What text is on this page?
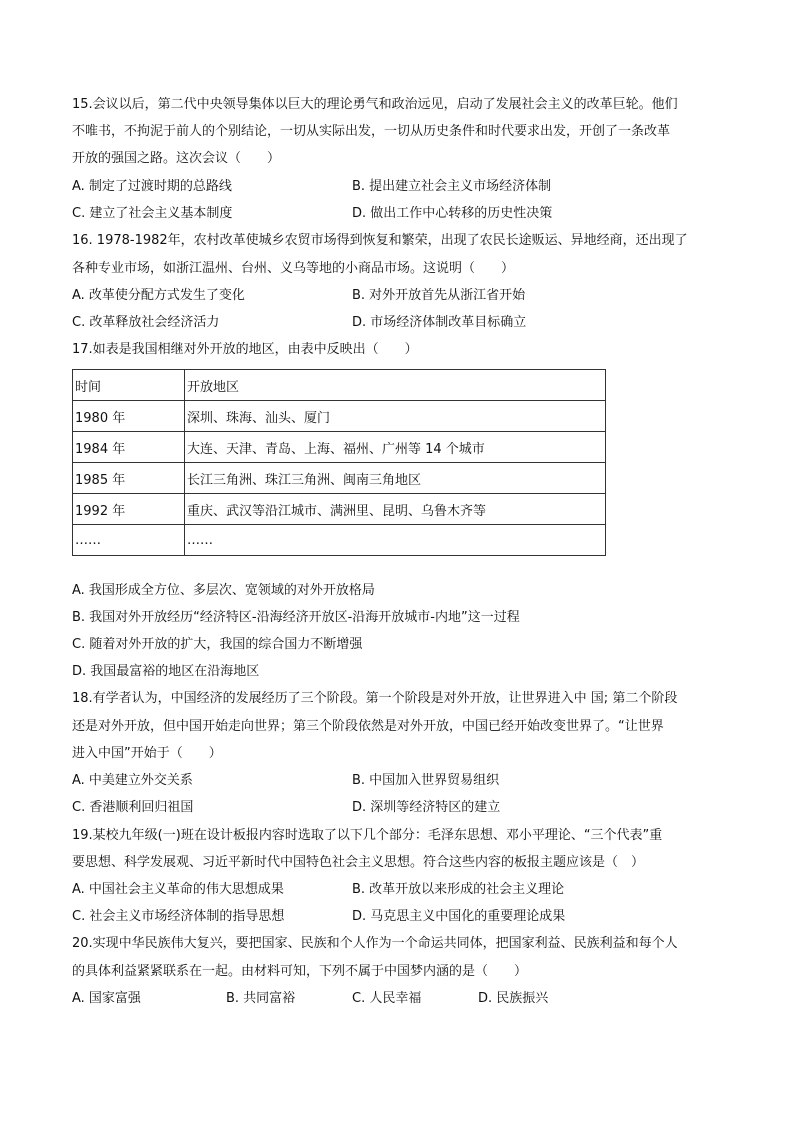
15.会议以后，第二代中央领导集体以巨大的理论勇气和政治远见，启动了发展社会主义的改革巨轮。他们
不唯书，不拘泥于前人的个别结论，一切从实际出发，一切从历史条件和时代要求出发，开创了一条改革
开放的强国之路。这次会议（　　）
A. 制定了过渡时期的总路线	B. 提出建立社会主义市场经济体制
C. 建立了社会主义基本制度	D. 做出工作中心转移的历史性决策
16. 1978-1982年，农村改革使城乡农贸市场得到恢复和繁荣，出现了农民长途贩运、异地经商，还出现了
各种专业市场，如浙江温州、台州、义乌等地的小商品市场。这说明（　　）
A. 改革使分配方式发生了变化	B. 对外开放首先从浙江省开始
C. 改革释放社会经济活力	D. 市场经济体制改革目标确立
17.如表是我国相继对外开放的地区，由表中反映出（　　）
时间	开放地区
1980 年	深圳、珠海、汕头、厦门
1984 年	大连、天津、青岛、上海、福州、广州等 14 个城市
1985 年	长江三角洲、珠江三角洲、闽南三角地区
1992 年	重庆、武汉等沿江城市、满洲里、昆明、乌鲁木齐等
……	……
A. 我国形成全方位、多层次、宽领域的对外开放格局
B. 我国对外开放经历“经济特区-沿海经济开放区-沿海开放城市-内地”这一过程
C. 随着对外开放的扩大，我国的综合国力不断增强
D. 我国最富裕的地区在沿海地区
18.有学者认为，中国经济的发展经历了三个阶段。第一个阶段是对外开放，让世界进入中 国; 第二个阶段
还是对外开放，但中国开始走向世界；第三个阶段依然是对外开放，中国已经开始改变世界了。“让世界
进入中国”开始于（　　）
A. 中美建立外交关系	B. 中国加入世界贸易组织
C. 香港顺利回归祖国	D. 深圳等经济特区的建立
19.某校九年级(一)班在设计板报内容时选取了以下几个部分：毛泽东思想、邓小平理论、“三个代表”重
要思想、科学发展观、习近平新时代中国特色社会主义思想。符合这些内容的板报主题应该是（　）
A. 中国社会主义革命的伟大思想成果	B. 改革开放以来形成的社会主义理论
C. 社会主义市场经济体制的指导思想	D. 马克思主义中国化的重要理论成果
20.实现中华民族伟大复兴，要把国家、民族和个人作为一个命运共同体，把国家利益、民族利益和每个人
的具体利益紧紧联系在一起。由材料可知，下列不属于中国梦内涵的是（　　）
A. 国家富强	B. 共同富裕	C. 人民幸福	D. 民族振兴
